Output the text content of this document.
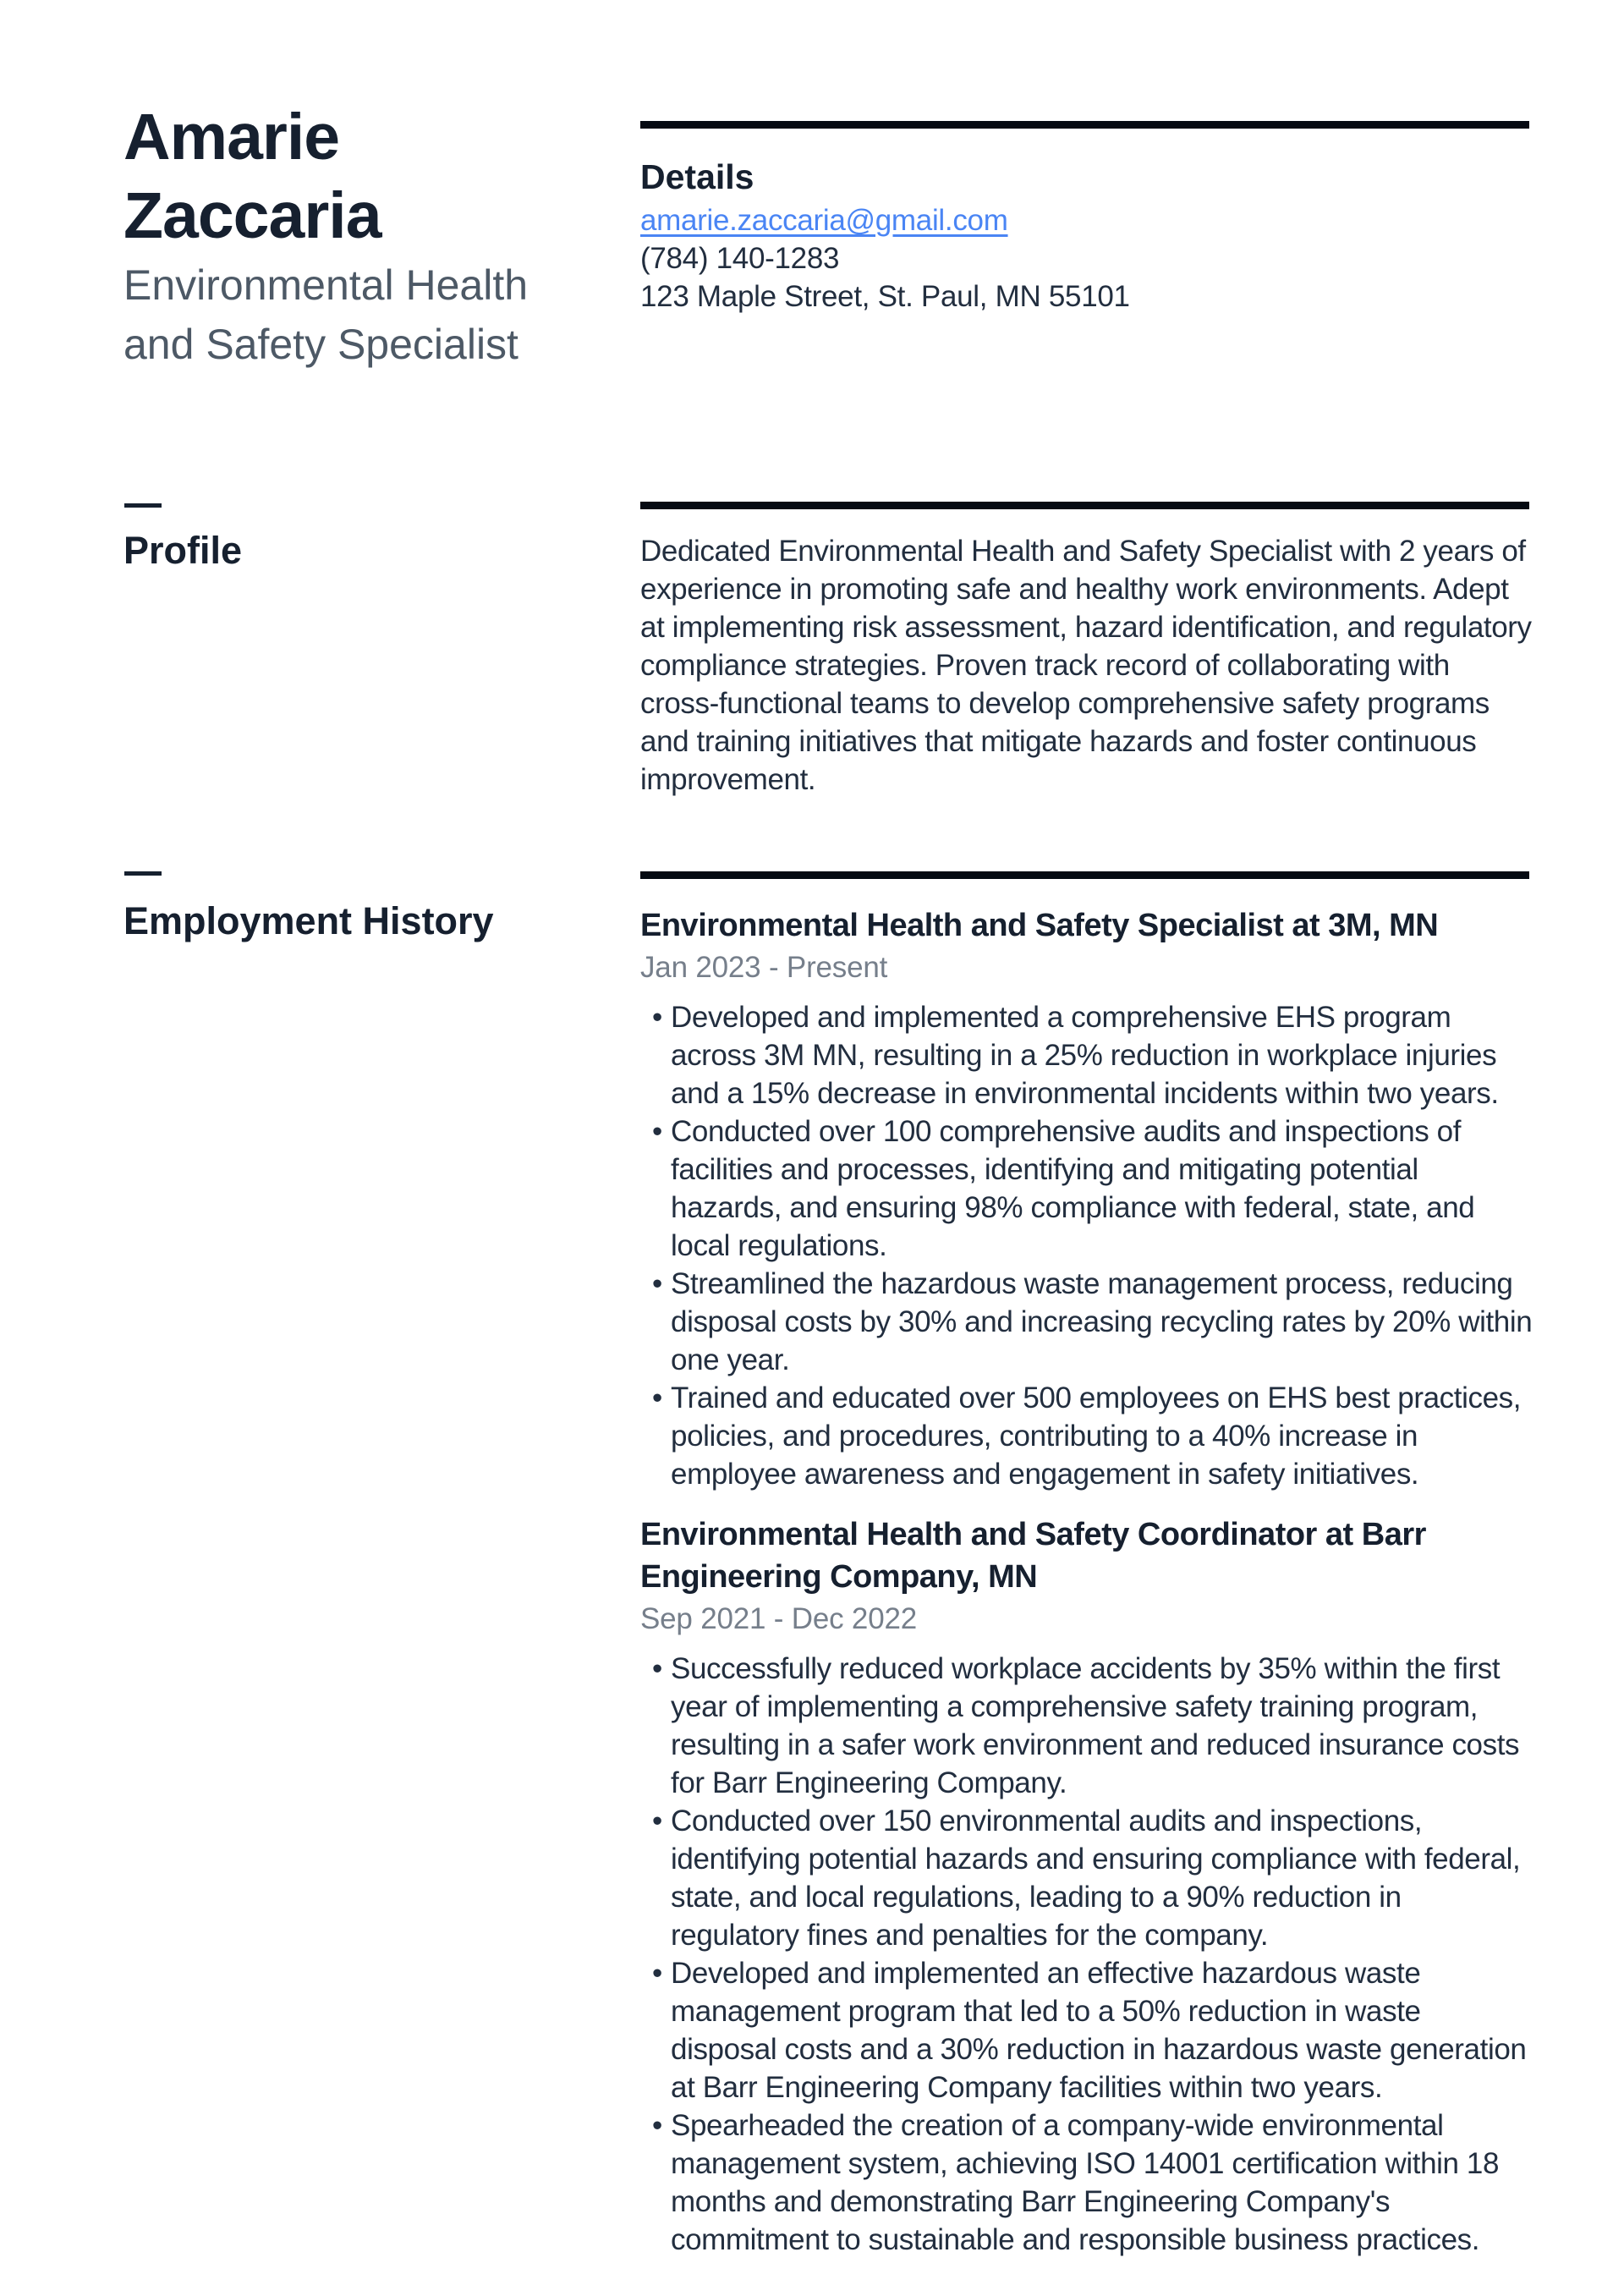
Amarie Zaccaria
Environmental Health and Safety Specialist
Profile
Employment History
Details
amarie.zaccaria@gmail.com
(784) 140-1283
123 Maple Street, St. Paul, MN 55101

Dedicated Environmental Health and Safety Specialist with 2 years of experience in promoting safe and healthy work environments. Adept at implementing risk assessment, hazard identification, and regulatory compliance strategies. Proven track record of collaborating with cross-functional teams to develop comprehensive safety programs and training initiatives that mitigate hazards and foster continuous improvement.

Environmental Health and Safety Specialist at 3M, MN
Jan 2023 - Present
• Developed and implemented a comprehensive EHS program across 3M MN, resulting in a 25% reduction in workplace injuries and a 15% decrease in environmental incidents within two years.
• Conducted over 100 comprehensive audits and inspections of facilities and processes, identifying and mitigating potential hazards, and ensuring 98% compliance with federal, state, and local regulations.
• Streamlined the hazardous waste management process, reducing disposal costs by 30% and increasing recycling rates by 20% within one year.
• Trained and educated over 500 employees on EHS best practices, policies, and procedures, contributing to a 40% increase in employee awareness and engagement in safety initiatives.
Environmental Health and Safety Coordinator at Barr Engineering Company, MN
Sep 2021 - Dec 2022
• Successfully reduced workplace accidents by 35% within the first year of implementing a comprehensive safety training program, resulting in a safer work environment and reduced insurance costs for Barr Engineering Company.
• Conducted over 150 environmental audits and inspections, identifying potential hazards and ensuring compliance with federal, state, and local regulations, leading to a 90% reduction in regulatory fines and penalties for the company.
• Developed and implemented an effective hazardous waste management program that led to a 50% reduction in waste disposal costs and a 30% reduction in hazardous waste generation at Barr Engineering Company facilities within two years.
• Spearheaded the creation of a company-wide environmental management system, achieving ISO 14001 certification within 18 months and demonstrating Barr Engineering Company's commitment to sustainable and responsible business practices.
